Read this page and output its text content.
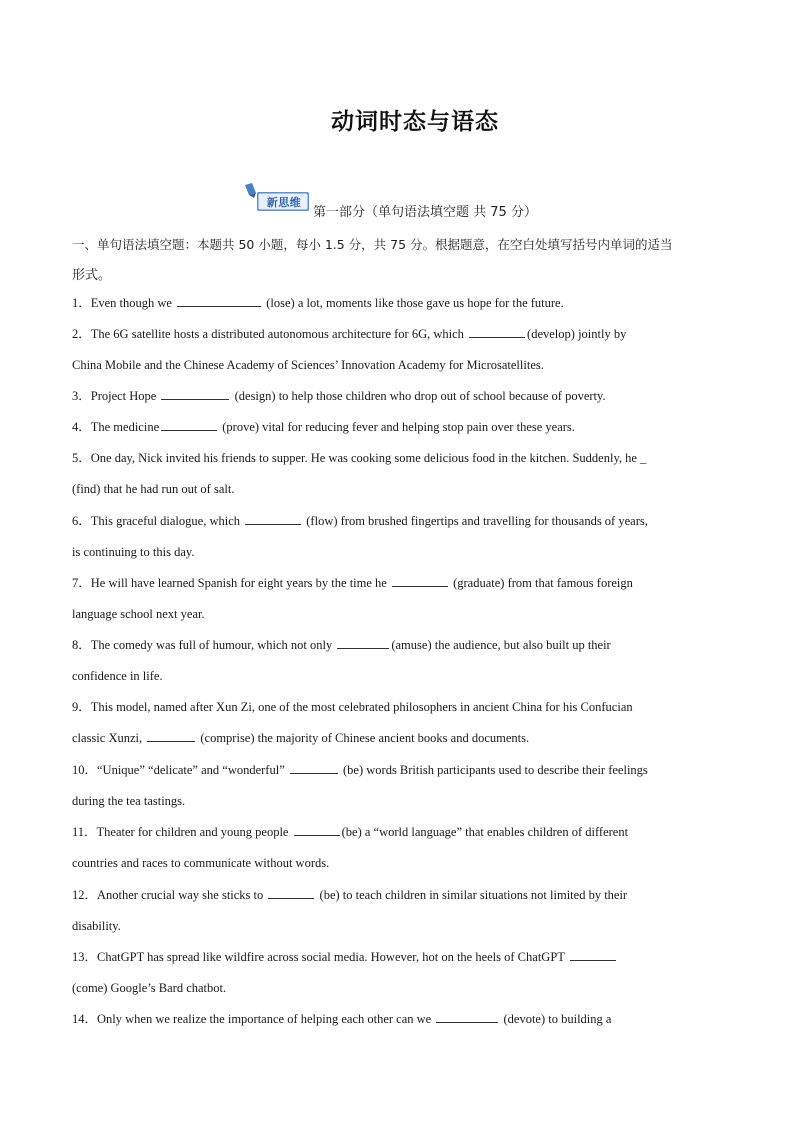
动词时态与语态
新思维
第一部分（单句语法填空题 共 75 分）
一、单句语法填空题：本题共 50 小题，每小 1.5 分，共 75 分。根据题意，在空白处填写括号内单词的适当
形式。
1．Even though we	(lose) a lot, moments like those gave us hope for the future.
2．The 6G satellite hosts a distributed autonomous architecture for 6G, which	(develop) jointly by
China Mobile and the Chinese Academy of Sciences’ Innovation Academy for Microsatellites.
3．Project Hope	(design) to help those children who drop out of school because of poverty.
4．The medicine	(prove) vital for reducing fever and helping stop pain over these years.
5．One day, Nick invited his friends to supper. He was cooking some delicious food in the kitchen. Suddenly, he _
(find) that he had run out of salt.
6．This graceful dialogue, which	(flow) from brushed fingertips and travelling for thousands of years,
is continuing to this day.
7．He will have learned Spanish for eight years by the time he	(graduate) from that famous foreign
language school next year.
8．The comedy was full of humour, which not only	(amuse) the audience, but also built up their
confidence in life.
9．This model, named after Xun Zi, one of the most celebrated philosophers in ancient China for his Confucian
classic Xunzi,	(comprise) the majority of Chinese ancient books and documents.
10．“Unique” “delicate” and “wonderful”	(be) words British participants used to describe their feelings
during the tea tastings.
11．Theater for children and young people	(be) a “world language” that enables children of different
countries and races to communicate without words.
12．Another crucial way she sticks to	(be) to teach children in similar situations not limited by their
disability.
13．ChatGPT has spread like wildfire across social media. However, hot on the heels of ChatGPT
(come) Google’s Bard chatbot.
14．Only when we realize the importance of helping each other can we	(devote) to building a
